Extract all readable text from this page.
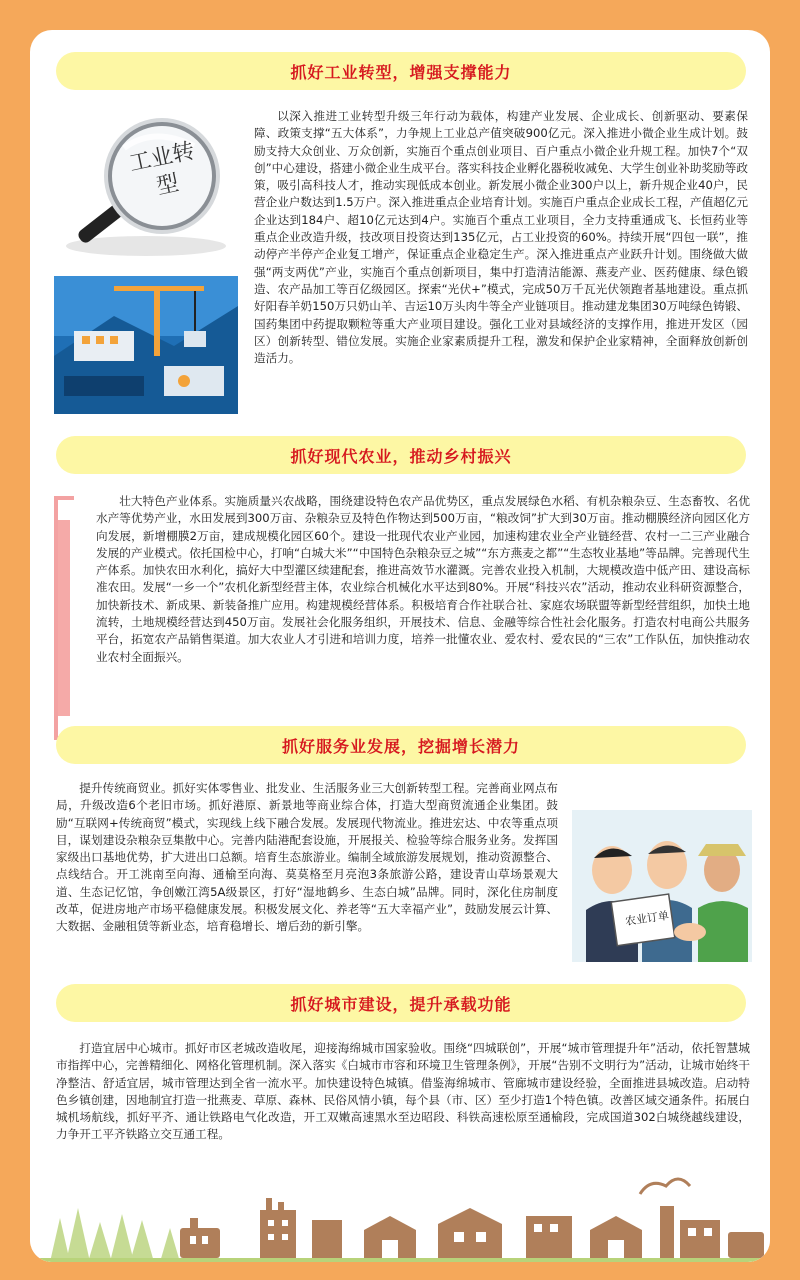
抓好工业转型，增强支撑能力
工业转型

以深入推进工业转型升级三年行动为载体，构建产业发展、企业成长、创新驱动、要素保障、政策支撑“五大体系”，力争规上工业总产值突破900亿元。深入推进小微企业生成计划。鼓励支持大众创业、万众创新，实施百个重点创业项目、百户重点小微企业升规工程。加快7个“双创”中心建设，搭建小微企业生成平台。落实科技企业孵化器税收减免、大学生创业补助奖励等政策，吸引高科技人才，推动实现低成本创业。新发展小微企业300户以上，新升规企业40户，民营企业户数达到1.5万户。深入推进重点企业培育计划。实施百户重点企业成长工程，产值超亿元企业达到184户、超10亿元达到4户。实施百个重点工业项目，全力支持重通成飞、长恒药业等重点企业改造升级，技改项目投资达到135亿元，占工业投资的60%。持续开展“四包一联”，推动停产半停产企业复工增产，保证重点企业稳定生产。深入推进重点产业跃升计划。围绕做大做强“两支两优”产业，实施百个重点创新项目，集中打造清洁能源、燕麦产业、医药健康、绿色锻造、农产品加工等百亿级园区。探索“光伏+”模式，完成50万千瓦光伏领跑者基地建设。重点抓好阳春羊奶150万只奶山羊、吉运10万头肉牛等全产业链项目。推动建龙集团30万吨绿色铸锻、国药集团中药提取颗粒等重大产业项目建设。强化工业对县域经济的支撑作用，推进开发区（园区）创新转型、错位发展。实施企业家素质提升工程，激发和保护企业家精神，全面释放创新创造活力。

抓好现代农业，推动乡村振兴

壮大特色产业体系。实施质量兴农战略，围绕建设特色农产品优势区，重点发展绿色水稻、有机杂粮杂豆、生态畜牧、名优水产等优势产业，水田发展到300万亩、杂粮杂豆及特色作物达到500万亩，“粮改饲”扩大到30万亩。推动棚膜经济向园区化方向发展，新增棚膜2万亩，建成规模化园区60个。建设一批现代农业产业园，加速构建农业全产业链经营、农村一二三产业融合发展的产业模式。依托国检中心，打响“白城大米”“中国特色杂粮杂豆之城”“东方燕麦之都”“生态牧业基地”等品牌。完善现代生产体系。加快农田水利化，搞好大中型灌区续建配套，推进高效节水灌溉。完善农业投入机制，大规模改造中低产田、建设高标准农田。发展“一乡一个”农机化新型经营主体，农业综合机械化水平达到80%。开展“科技兴农”活动，推动农业科研资源整合，加快新技术、新成果、新装备推广应用。构建规模经营体系。积极培育合作社联合社、家庭农场联盟等新型经营组织，加快土地流转，土地规模经营达到450万亩。发展社会化服务组织，开展技术、信息、金融等综合性社会化服务。打造农村电商公共服务平台，拓宽农产品销售渠道。加大农业人才引进和培训力度，培养一批懂农业、爱农村、爱农民的“三农”工作队伍，加快推动农业农村全面振兴。

抓好服务业发展，挖掘增长潜力

提升传统商贸业。抓好实体零售业、批发业、生活服务业三大创新转型工程。完善商业网点布局，升级改造6个老旧市场。抓好港原、新景地等商业综合体，打造大型商贸流通企业集团。鼓励“互联网+传统商贸”模式，实现线上线下融合发展。发展现代物流业。推进宏达、中农等重点项目，谋划建设杂粮杂豆集散中心。完善内陆港配套设施，开展报关、检验等综合服务业务。发挥国家级出口基地优势，扩大进出口总额。培育生态旅游业。编制全域旅游发展规划，推动资源整合、点线结合。开工洮南至向海、通榆至向海、莫莫格至月亮泡3条旅游公路，建设青山草场景观大道、生态记忆馆，争创嫩江湾5A级景区，打好“湿地鹤乡、生态白城”品牌。同时，深化住房制度改革，促进房地产市场平稳健康发展。积极发展文化、养老等“五大幸福产业”，鼓励发展云计算、大数据、金融租赁等新业态，培育稳增长、增后劲的新引擎。	农业订单
抓好城市建设，提升承载功能

打造宜居中心城市。抓好市区老城改造收尾，迎接海绵城市国家验收。围绕“四城联创”，开展“城市管理提升年”活动，依托智慧城市指挥中心，完善精细化、网格化管理机制。深入落实《白城市市容和环境卫生管理条例》，开展“告别不文明行为”活动，让城市始终干净整洁、舒适宜居，城市管理达到全省一流水平。加快建设特色城镇。借鉴海绵城市、管廊城市建设经验，全面推进县城改造。启动特色乡镇创建，因地制宜打造一批燕麦、草原、森林、民俗风情小镇，每个县（市、区）至少打造1个特色镇。改善区域交通条件。拓展白城机场航线，抓好平齐、通让铁路电气化改造，开工双嫩高速黑水至边昭段、科铁高速松原至通榆段，完成国道302白城绕越线建设，力争开工平齐铁路立交互通工程。
